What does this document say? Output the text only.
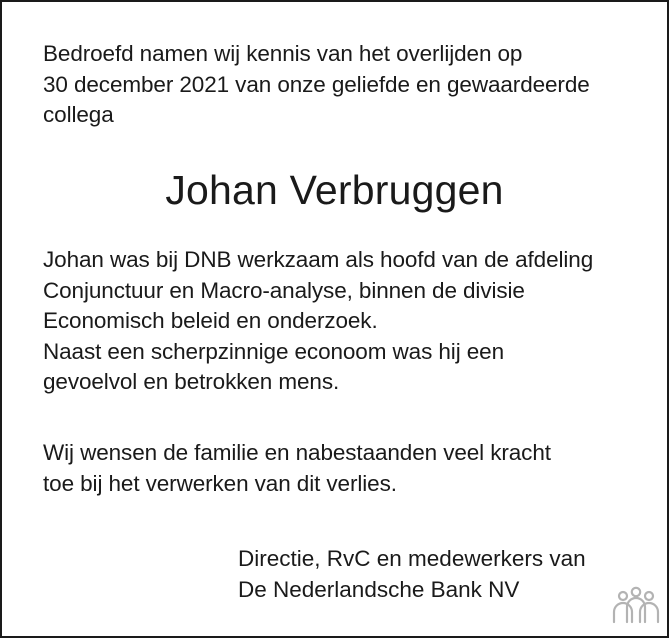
Bedroefd namen wij kennis van het overlijden op
30 december 2021 van onze geliefde en gewaardeerde
collega
Johan Verbruggen
Johan was bij DNB werkzaam als hoofd van de afdeling
Conjunctuur en Macro-analyse, binnen de divisie
Economisch beleid en onderzoek.
Naast een scherpzinnige econoom was hij een
gevoelvol en betrokken mens.
Wij wensen de familie en nabestaanden veel kracht
toe bij het verwerken van dit verlies.
Directie, RvC en medewerkers van
De Nederlandsche Bank NV
